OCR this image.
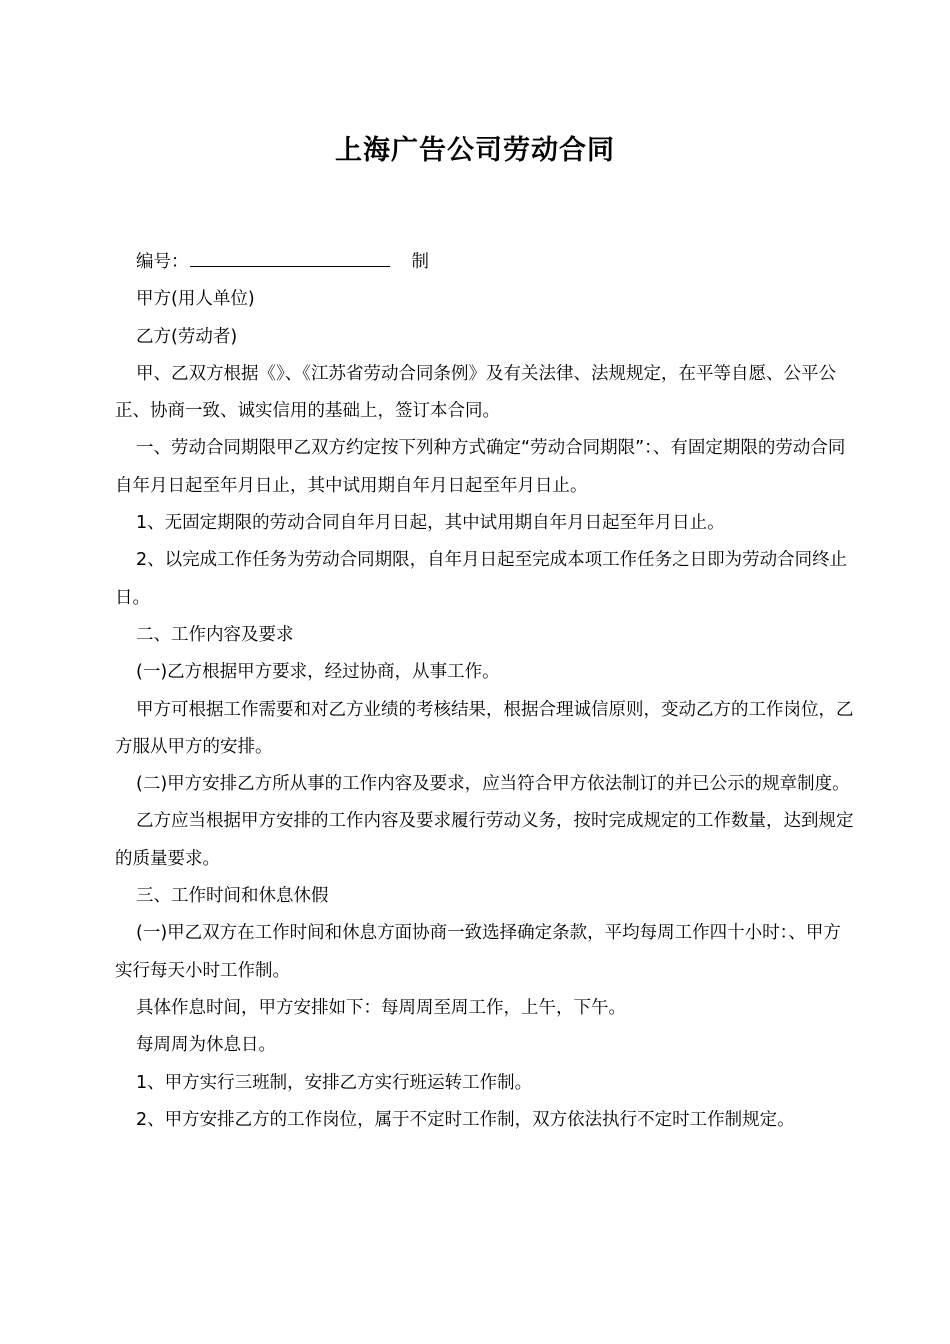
上海广告公司劳动合同

编号：	制

甲方(用人单位)

乙方(劳动者)

甲、乙双方根据《》、《江苏省劳动合同条例》及有关法律、法规规定，在平等自愿、公平公正、协商一致、诚实信用的基础上，签订本合同。

一、劳动合同期限甲乙双方约定按下列种方式确定“劳动合同期限”：、有固定期限的劳动合同自年月日起至年月日止，其中试用期自年月日起至年月日止。

1、无固定期限的劳动合同自年月日起，其中试用期自年月日起至年月日止。

2、以完成工作任务为劳动合同期限，自年月日起至完成本项工作任务之日即为劳动合同终止日。

二、工作内容及要求

(一)乙方根据甲方要求，经过协商，从事工作。

甲方可根据工作需要和对乙方业绩的考核结果，根据合理诚信原则，变动乙方的工作岗位，乙方服从甲方的安排。

(二)甲方安排乙方所从事的工作内容及要求，应当符合甲方依法制订的并已公示的规章制度。

乙方应当根据甲方安排的工作内容及要求履行劳动义务，按时完成规定的工作数量，达到规定的质量要求。

三、工作时间和休息休假

(一)甲乙双方在工作时间和休息方面协商一致选择确定条款，平均每周工作四十小时：、甲方实行每天小时工作制。

具体作息时间，甲方安排如下：每周周至周工作，上午，下午。

每周周为休息日。

1、甲方实行三班制，安排乙方实行班运转工作制。

2、甲方安排乙方的工作岗位，属于不定时工作制，双方依法执行不定时工作制规定。
